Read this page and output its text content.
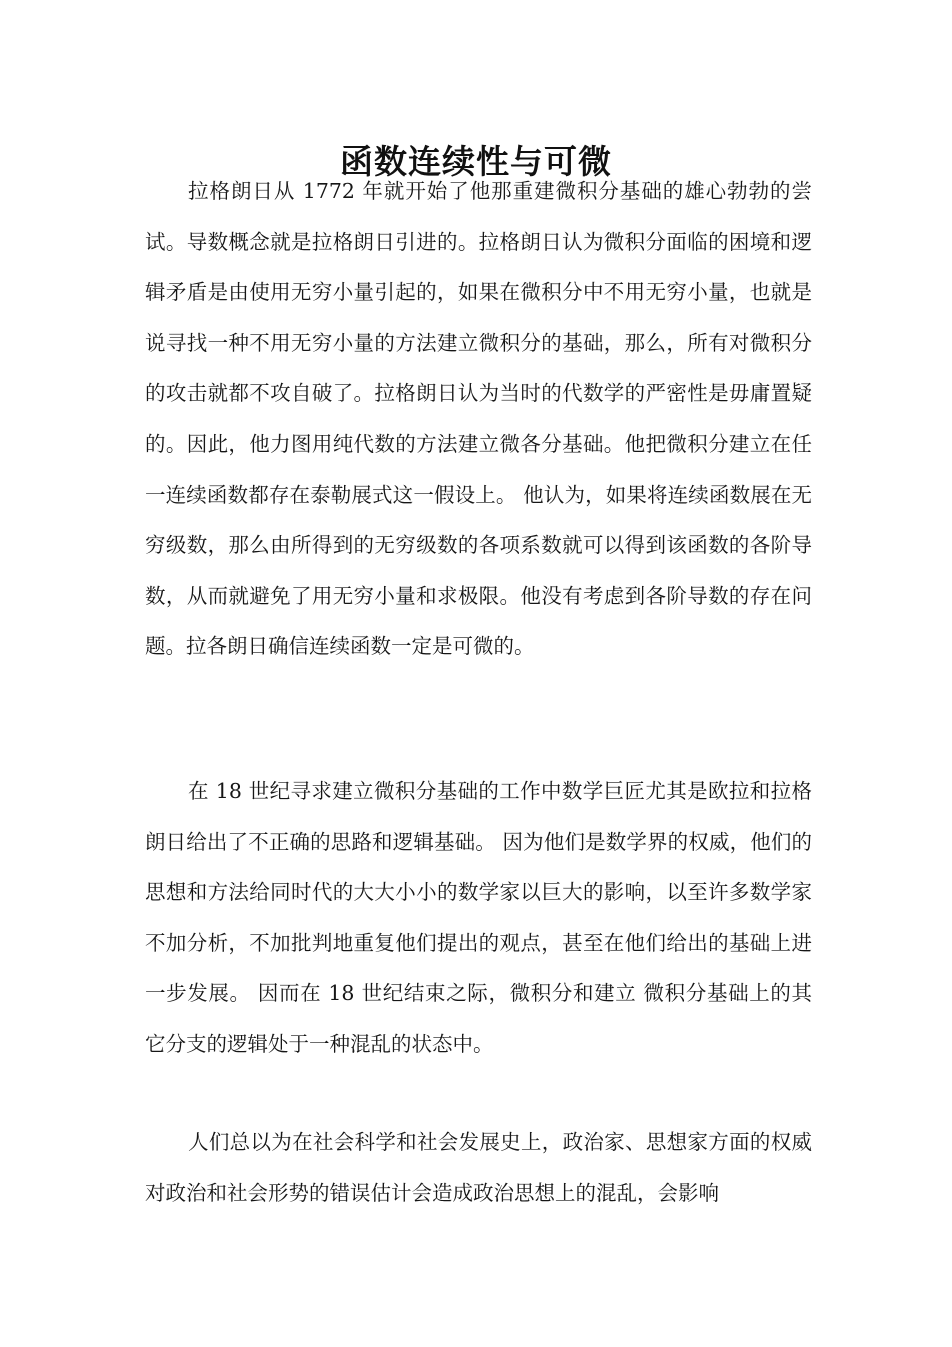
函数连续性与可微

拉格朗日从 1772 年就开始了他那重建微积分基础的雄心勃勃的尝试。导数概念就是拉格朗日引进的。拉格朗日认为微积分面临的困境和逻辑矛盾是由使用无穷小量引起的，如果在微积分中不用无穷小量，也就是说寻找一种不用无穷小量的方法建立微积分的基础，那么，所有对微积分的攻击就都不攻自破了。拉格朗日认为当时的代数学的严密性是毋庸置疑的。因此，他力图用纯代数的方法建立微各分基础。他把微积分建立在任一连续函数都存在泰勒展式这一假设上。 他认为，如果将连续函数展在无穷级数，那么由所得到的无穷级数的各项系数就可以得到该函数的各阶导数，从而就避免了用无穷小量和求极限。他没有考虑到各阶导数的存在问题。拉各朗日确信连续函数一定是可微的。

在 18 世纪寻求建立微积分基础的工作中数学巨匠尤其是欧拉和拉格朗日给出了不正确的思路和逻辑基础。 因为他们是数学界的权威，他们的思想和方法给同时代的大大小小的数学家以巨大的影响，以至许多数学家不加分析，不加批判地重复他们提出的观点，甚至在他们给出的基础上进一步发展。 因而在 18 世纪结束之际，微积分和建立 微积分基础上的其它分支的逻辑处于一种混乱的状态中。

人们总以为在社会科学和社会发展史上，政治家、思想家方面的权威对政治和社会形势的错误估计会造成政治思想上的混乱，会影响
